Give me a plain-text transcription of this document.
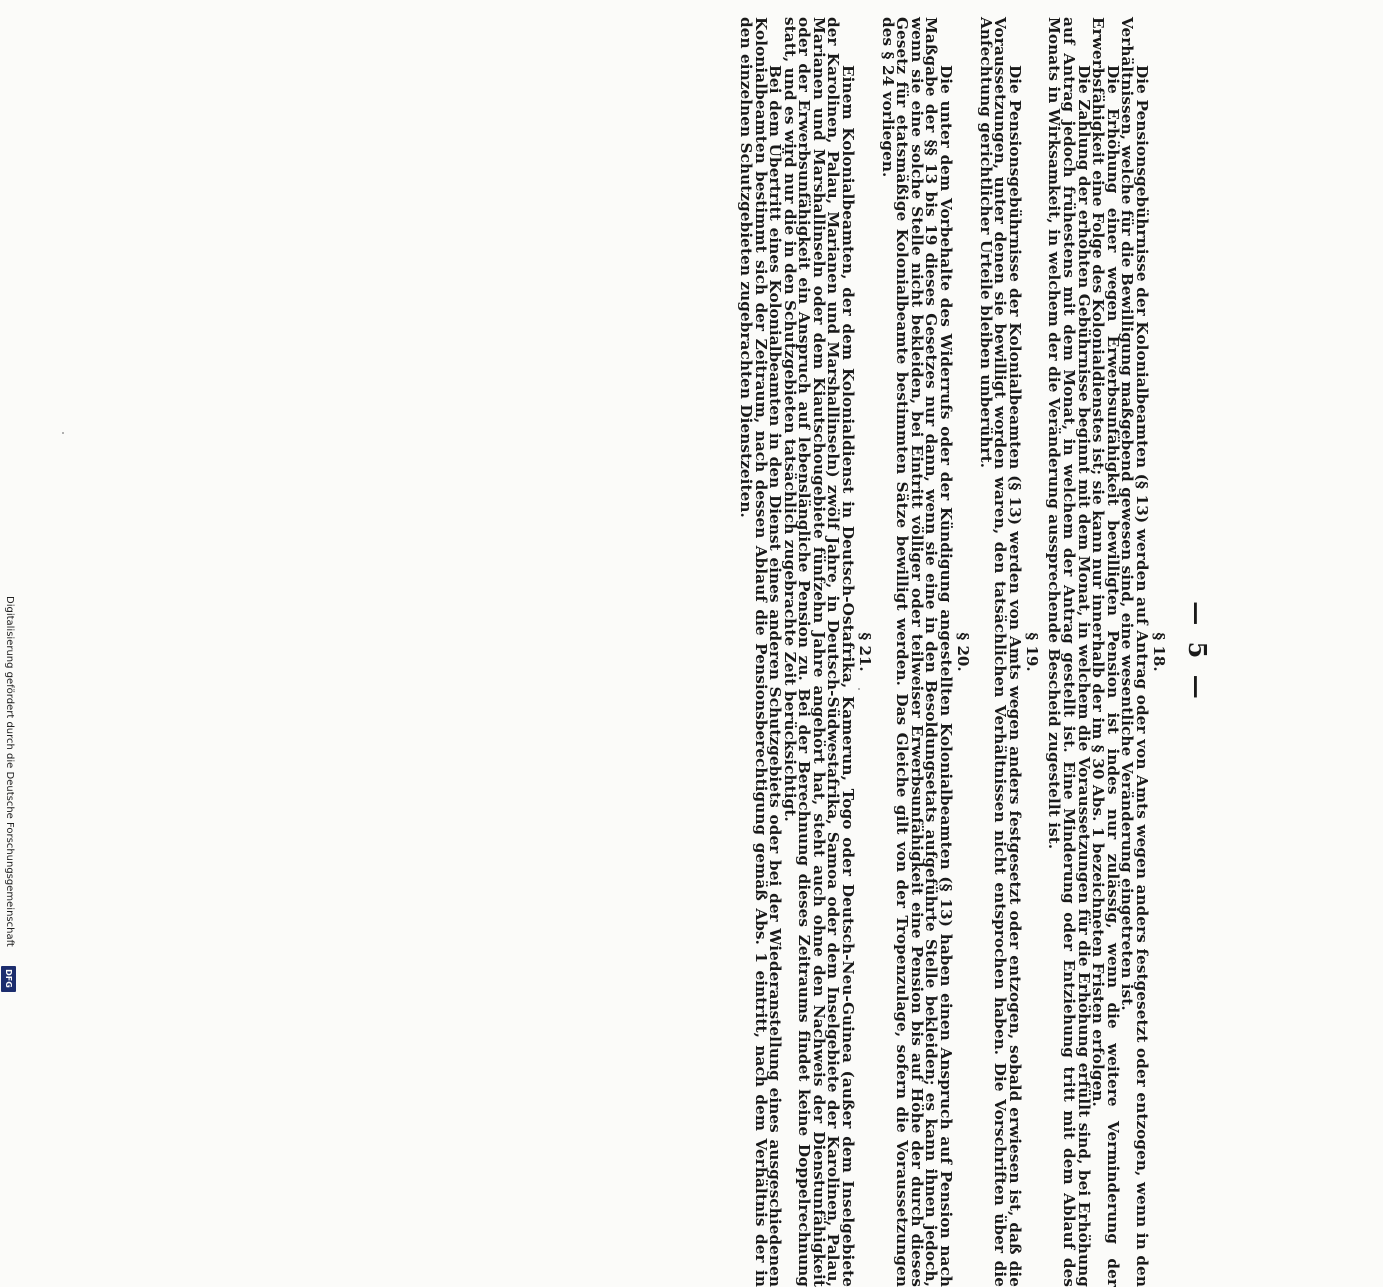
— 5 —
§ 18.

Die Pensionsgebührnisse der Kolonialbeamten (§ 13) werden auf Antrag oder von Amts wegen anders festgesetzt oder entzogen, wenn in den Verhältnissen, welche für die Bewilligung maßgebend gewesen sind, eine wesentliche Veränderung eingetreten ist.

Die Erhöhung einer wegen Erwerbsunfähigkeit bewilligten Pension ist indes nur zulässig, wenn die weitere Verminderung der Erwerbsfähigkeit eine Folge des Kolonialdienstes ist; sie kann nur innerhalb der im § 30 Abs. 1 bezeichneten Fristen erfolgen.

Die Zahlung der erhöhten Gebührnisse beginnt mit dem Monat, in welchem die Voraussetzungen für die Erhöhung erfüllt sind, bei Erhöhung auf Antrag jedoch frühestens mit dem Monat, in welchem der Antrag gestellt ist. Eine Minderung oder Entziehung tritt mit dem Ablauf des Monats in Wirksamkeit, in welchem der die Veränderung aussprechende Bescheid zugestellt ist.

§ 19.

Die Pensionsgebührnisse der Kolonialbeamten (§ 13) werden von Amts wegen anders festgesetzt oder entzogen, sobald erwiesen ist, daß die Voraussetzungen, unter denen sie bewilligt worden waren, den tatsächlichen Verhältnissen nicht entsprochen haben. Die Vorschriften über die Anfechtung gerichtlicher Urteile bleiben unberührt.

§ 20.

Die unter dem Vorbehalte des Widerrufs oder der Kündigung angestellten Kolonialbeamten (§ 13) haben einen Anspruch auf Pension nach Maßgabe der §§ 13 bis 19 dieses Gesetzes nur dann, wenn sie eine in den Besoldungsetats aufgeführte Stelle bekleiden; es kann ihnen jedoch, wenn sie eine solche Stelle nicht bekleiden, bei Eintritt völliger oder teilweiser Erwerbsunfähigkeit eine Pension bis auf Höhe der durch dieses Gesetz für etatsmäßige Kolonialbeamte bestimmten Sätze bewilligt werden. Das Gleiche gilt von der Tropenzulage, sofern die Voraussetzungen des § 24 vorliegen.

§ 21.

Einem Kolonialbeamten, der dem Kolonialdienst in Deutsch-Ostafrika, Kamerun, Togo oder Deutsch-Neu-Guinea (außer dem Inselgebiete der Karolinen, Palau, Marianen und Marshallinseln) zwölf Jahre, in Deutsch-Südwestafrika, Samoa oder dem Inselgebiete der Karolinen, Palau, Marianen und Marshallinseln oder dem Kiautschougebiete fünfzehn Jahre angehört hat, steht auch ohne den Nachweis der Dienstunfähigkeit oder der Erwerbsunfähigkeit ein Anspruch auf lebenslängliche Pension zu. Bei der Berechnung dieses Zeitraums findet keine Doppelrechnung statt, und es wird nur die in den Schutzgebieten tatsächlich zugebrachte Zeit berücksichtigt.

Bei dem Übertritt eines Kolonialbeamten in den Dienst eines anderen Schutzgebiets oder bei der Wiederanstellung eines ausgeschiedenen Kolonialbeamten bestimmt sich der Zeitraum, nach dessen Ablauf die Pensionsberechtigung gemäß Abs. 1 eintritt, nach dem Verhältnis der in den einzelnen Schutzgebieten zugebrachten Dienstzeiten.

Digitalisierung gefördert durch die Deutsche Forschungsgemeinschaft
DFG
